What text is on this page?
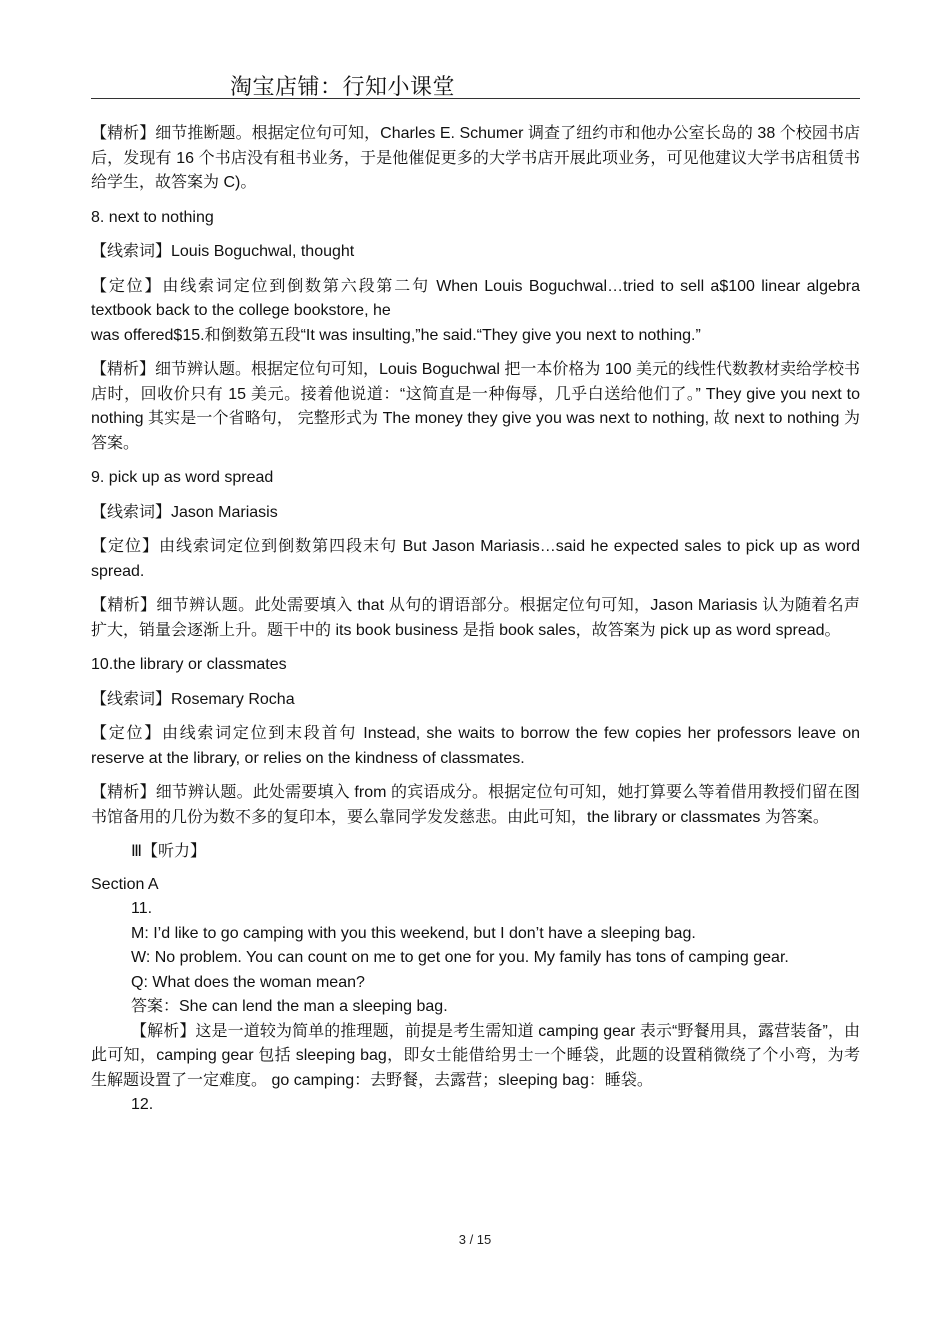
淘宝店铺：行知小课堂

【精析】细节推断题。根据定位句可知，Charles E. Schumer 调查了纽约市和他办公室长岛的 38 个校园书店后，发现有 16 个书店没有租书业务，于是他催促更多的大学书店开展此项业务，可见他建议大学书店租赁书给学生，故答案为 C)。

8. next to nothing

【线索词】Louis Boguchwal, thought

【定位】由线索词定位到倒数第六段第二句 When Louis Boguchwal…tried to sell a$100 linear algebra textbook back to the college bookstore, he

was offered$15.和倒数第五段“It was insulting,”he said.“They give you next to nothing.”

【精析】细节辨认题。根据定位句可知，Louis Boguchwal 把一本价格为 100 美元的线性代数教材卖给学校书店时，回收价只有 15 美元。接着他说道：“这简直是一种侮辱，几乎白送给他们了。” They give you next to nothing 其实是一个省略句， 完整形式为 The money they give you was next to nothing, 故 next to nothing 为答案。

9. pick up as word spread

【线索词】Jason Mariasis

【定位】由线索词定位到倒数第四段末句 But Jason Mariasis…said he expected sales to pick up as word spread.

【精析】细节辨认题。此处需要填入 that 从句的谓语部分。根据定位句可知，Jason Mariasis 认为随着名声扩大，销量会逐渐上升。题干中的 its book business 是指 book sales，故答案为 pick up as word spread。

10.the library or classmates

【线索词】Rosemary Rocha

【定位】由线索词定位到末段首句 Instead, she waits to borrow the few copies her professors leave on reserve at the library, or relies on the kindness of classmates.

【精析】细节辨认题。此处需要填入 from 的宾语成分。根据定位句可知，她打算要么等着借用教授们留在图书馆备用的几份为数不多的复印本，要么靠同学发发慈悲。由此可知，the library or classmates 为答案。

Ⅲ【听力】

Section A

11.

M: I’d like to go camping with you this weekend, but I don’t have a sleeping bag.

W: No problem. You can count on me to get one for you. My family has tons of camping gear.

Q: What does the woman mean?

答案：She can lend the man a sleeping bag.

【解析】这是一道较为简单的推理题，前提是考生需知道 camping gear 表示“野餐用具，露营装备”，由此可知，camping gear 包括 sleeping bag，即女士能借给男士一个睡袋，此题的设置稍微绕了个小弯，为考生解题设置了一定难度。 go camping：去野餐，去露营；sleeping bag：睡袋。

12.

3 / 15
